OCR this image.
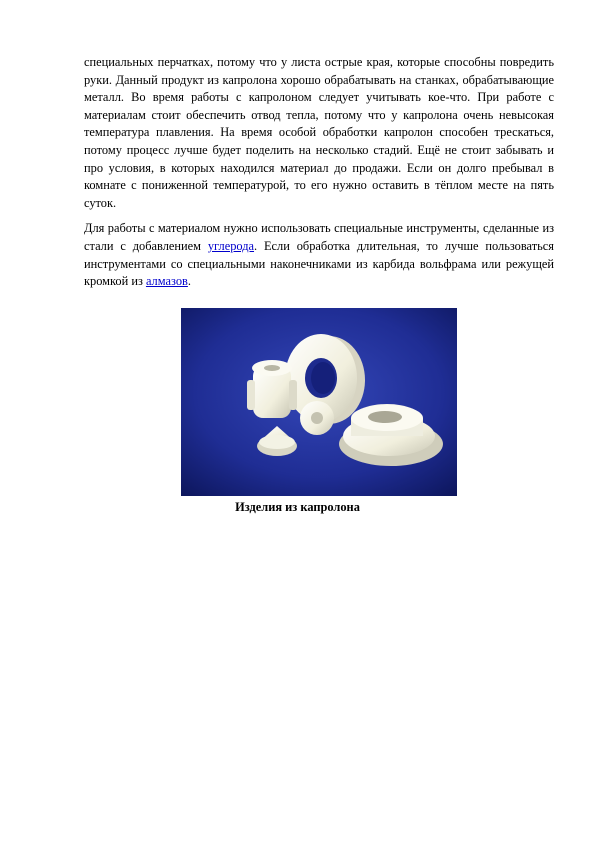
специальных перчатках, потому что у листа острые края, которые способны повредить руки. Данный продукт из капролона хорошо обрабатывать на станках, обрабатывающие металл. Во время работы с капролоном следует учитывать кое-что. При работе с материалам стоит обеспечить отвод тепла, потому что у капролона очень невысокая температура плавления. На время особой обработки капролон способен трескаться, потому процесс лучше будет поделить на несколько стадий. Ещё не стоит забывать и про условия, в которых находился материал до продажи. Если он долго пребывал в комнате с пониженной температурой, то его нужно оставить в тёплом месте на пять суток.

Для работы с материалом нужно использовать специальные инструменты, сделанные из стали с добавлением углерода. Если обработка длительная, то лучше пользоваться инструментами со специальными наконечниками из карбида вольфрама или режущей кромкой из алмазов.

Изделия из капролона
